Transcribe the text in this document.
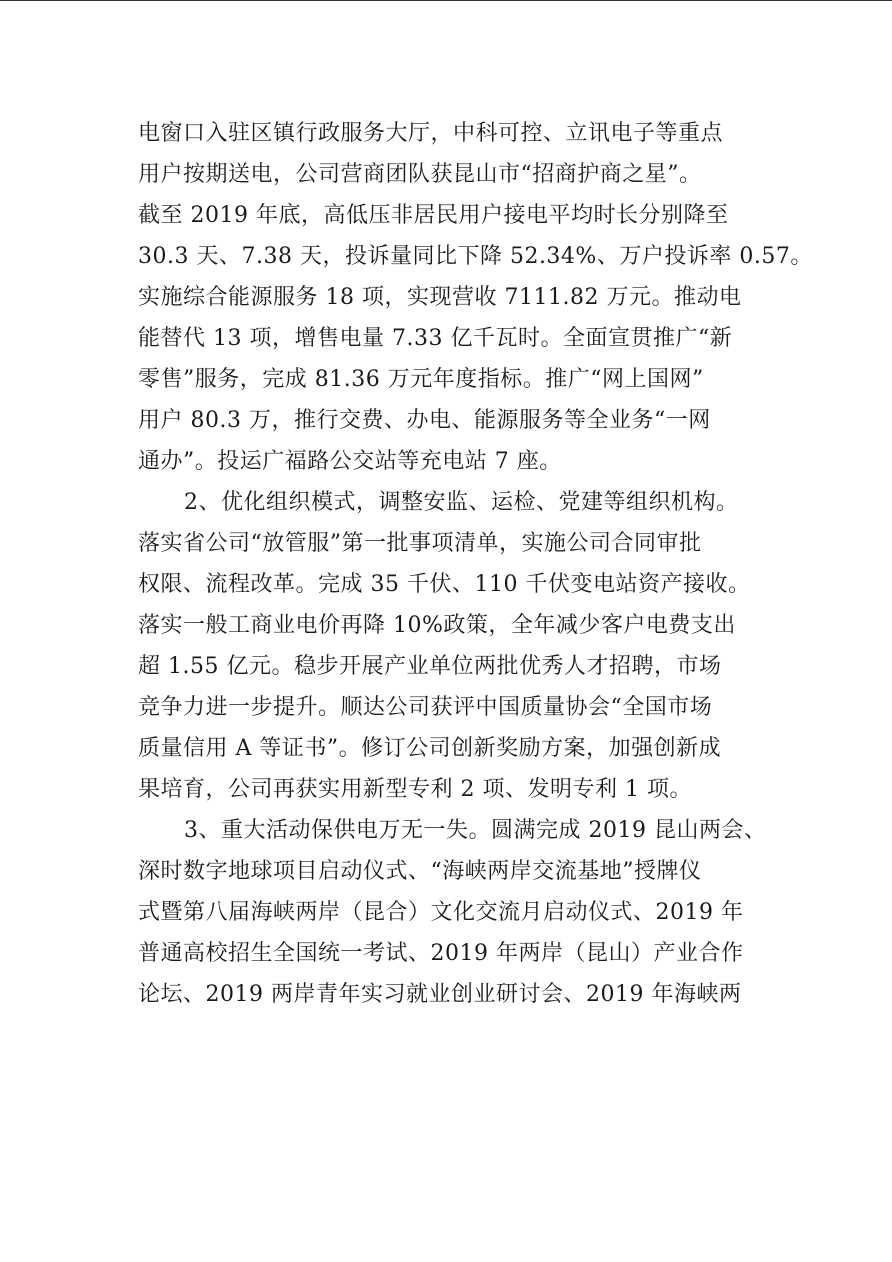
电窗口入驻区镇行政服务大厅，中科可控、立讯电子等重点
用户按期送电，公司营商团队获昆山市“招商护商之星”。
截至 2019 年底，高低压非居民用户接电平均时长分别降至
30.3 天、7.38 天，投诉量同比下降 52.34%、万户投诉率 0.57。
实施综合能源服务 18 项，实现营收 7111.82 万元。推动电
能替代 13 项，增售电量 7.33 亿千瓦时。全面宣贯推广“新
零售”服务，完成 81.36 万元年度指标。推广“网上国网”
用户 80.3 万，推行交费、办电、能源服务等全业务“一网
通办”。投运广福路公交站等充电站 7 座。
2、优化组织模式，调整安监、运检、党建等组织机构。
落实省公司“放管服”第一批事项清单，实施公司合同审批
权限、流程改革。完成 35 千伏、110 千伏变电站资产接收。
落实一般工商业电价再降 10%政策，全年减少客户电费支出
超 1.55 亿元。稳步开展产业单位两批优秀人才招聘，市场
竞争力进一步提升。顺达公司获评中国质量协会“全国市场
质量信用 A 等证书”。修订公司创新奖励方案，加强创新成
果培育，公司再获实用新型专利 2 项、发明专利 1 项。
3、重大活动保供电万无一失。圆满完成 2019 昆山两会、
深时数字地球项目启动仪式、“海峡两岸交流基地”授牌仪
式暨第八届海峡两岸（昆合）文化交流月启动仪式、2019 年
普通高校招生全国统一考试、2019 年两岸（昆山）产业合作
论坛、2019 两岸青年实习就业创业研讨会、2019 年海峡两
